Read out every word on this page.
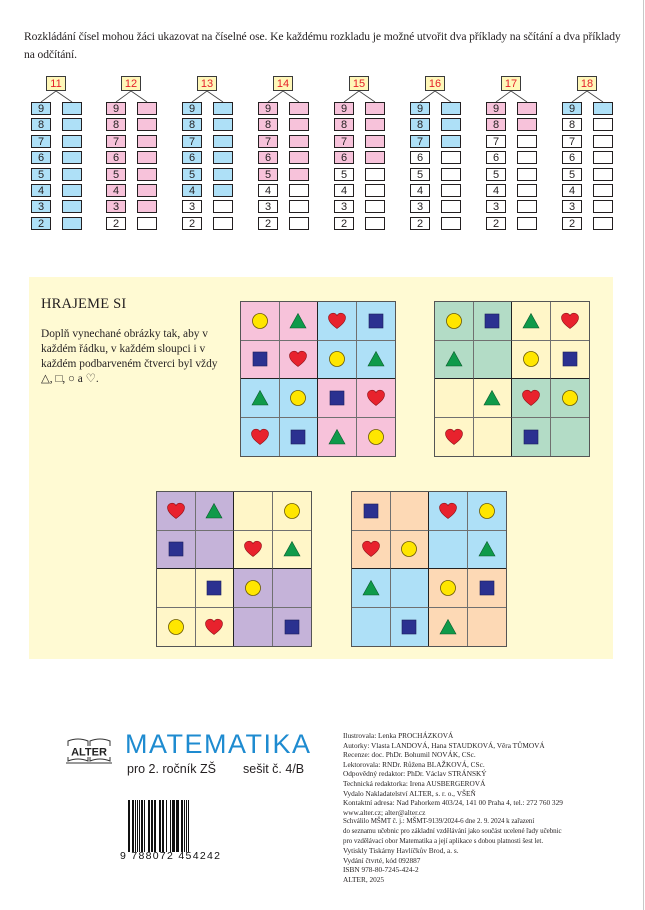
Rozkládání čísel mohou žáci ukazovat na číselné ose. Ke každému rozkladu je možné utvořit dva příklady na sčítání a dva příklady na odčítání.

11
9
8
7
6
5
4
3
2
12
9
8
7
6
5
4
3
2
13
9
8
7
6
5
4
3
2
14
9
8
7
6
5
4
3
2
15
9
8
7
6
5
4
3
2
16
9
8
7
6
5
4
3
2
17
9
8
7
6
5
4
3
2
18
9
8
7
6
5
4
3
2
HRAJEME SI
Doplň vynechané obrázky tak, aby v každém řádku, v každém sloupci i v každém podbarveném čtverci byl vždy △, □, ○ a ♡.
ALTER MATEMATIKA
pro 2. ročník ZŠ sešit č. 4/B
9 788072 454242
Ilustrovala: Lenka PROCHÁZKOVÁ
Autorky: Vlasta LANDOVÁ, Hana STAUDKOVÁ, Věra TŮMOVÁ
Recenze: doc. PhDr. Bohumil NOVÁK, CSc.
Lektorovala: RNDr. Růžena BLAŽKOVÁ, CSc.
Odpovědný redaktor: PhDr. Václav STRÁNSKÝ
Technická redaktorka: Irena AUSBERGEROVÁ
Vydalo Nakladatelství ALTER, s. r. o., VŠEŇ
Kontaktní adresa: Nad Pahorkem 403/24, 141 00 Praha 4, tel.: 272 760 329
www.alter.cz; alter@alter.cz
Schválilo MŠMT č. j.: MŠMT-9139/2024-6 dne 2. 9. 2024 k zařazení
do seznamu učebnic pro základní vzdělávání jako součást ucelené řady učebnic
pro vzdělávací obor Matematika a její aplikace s dobou platnosti šest let.
Vytiskly Tiskárny Havlíčkův Brod, a. s.
Vydání čtvrté, kód 092887
ISBN 978-80-7245-424-2
ALTER, 2025
